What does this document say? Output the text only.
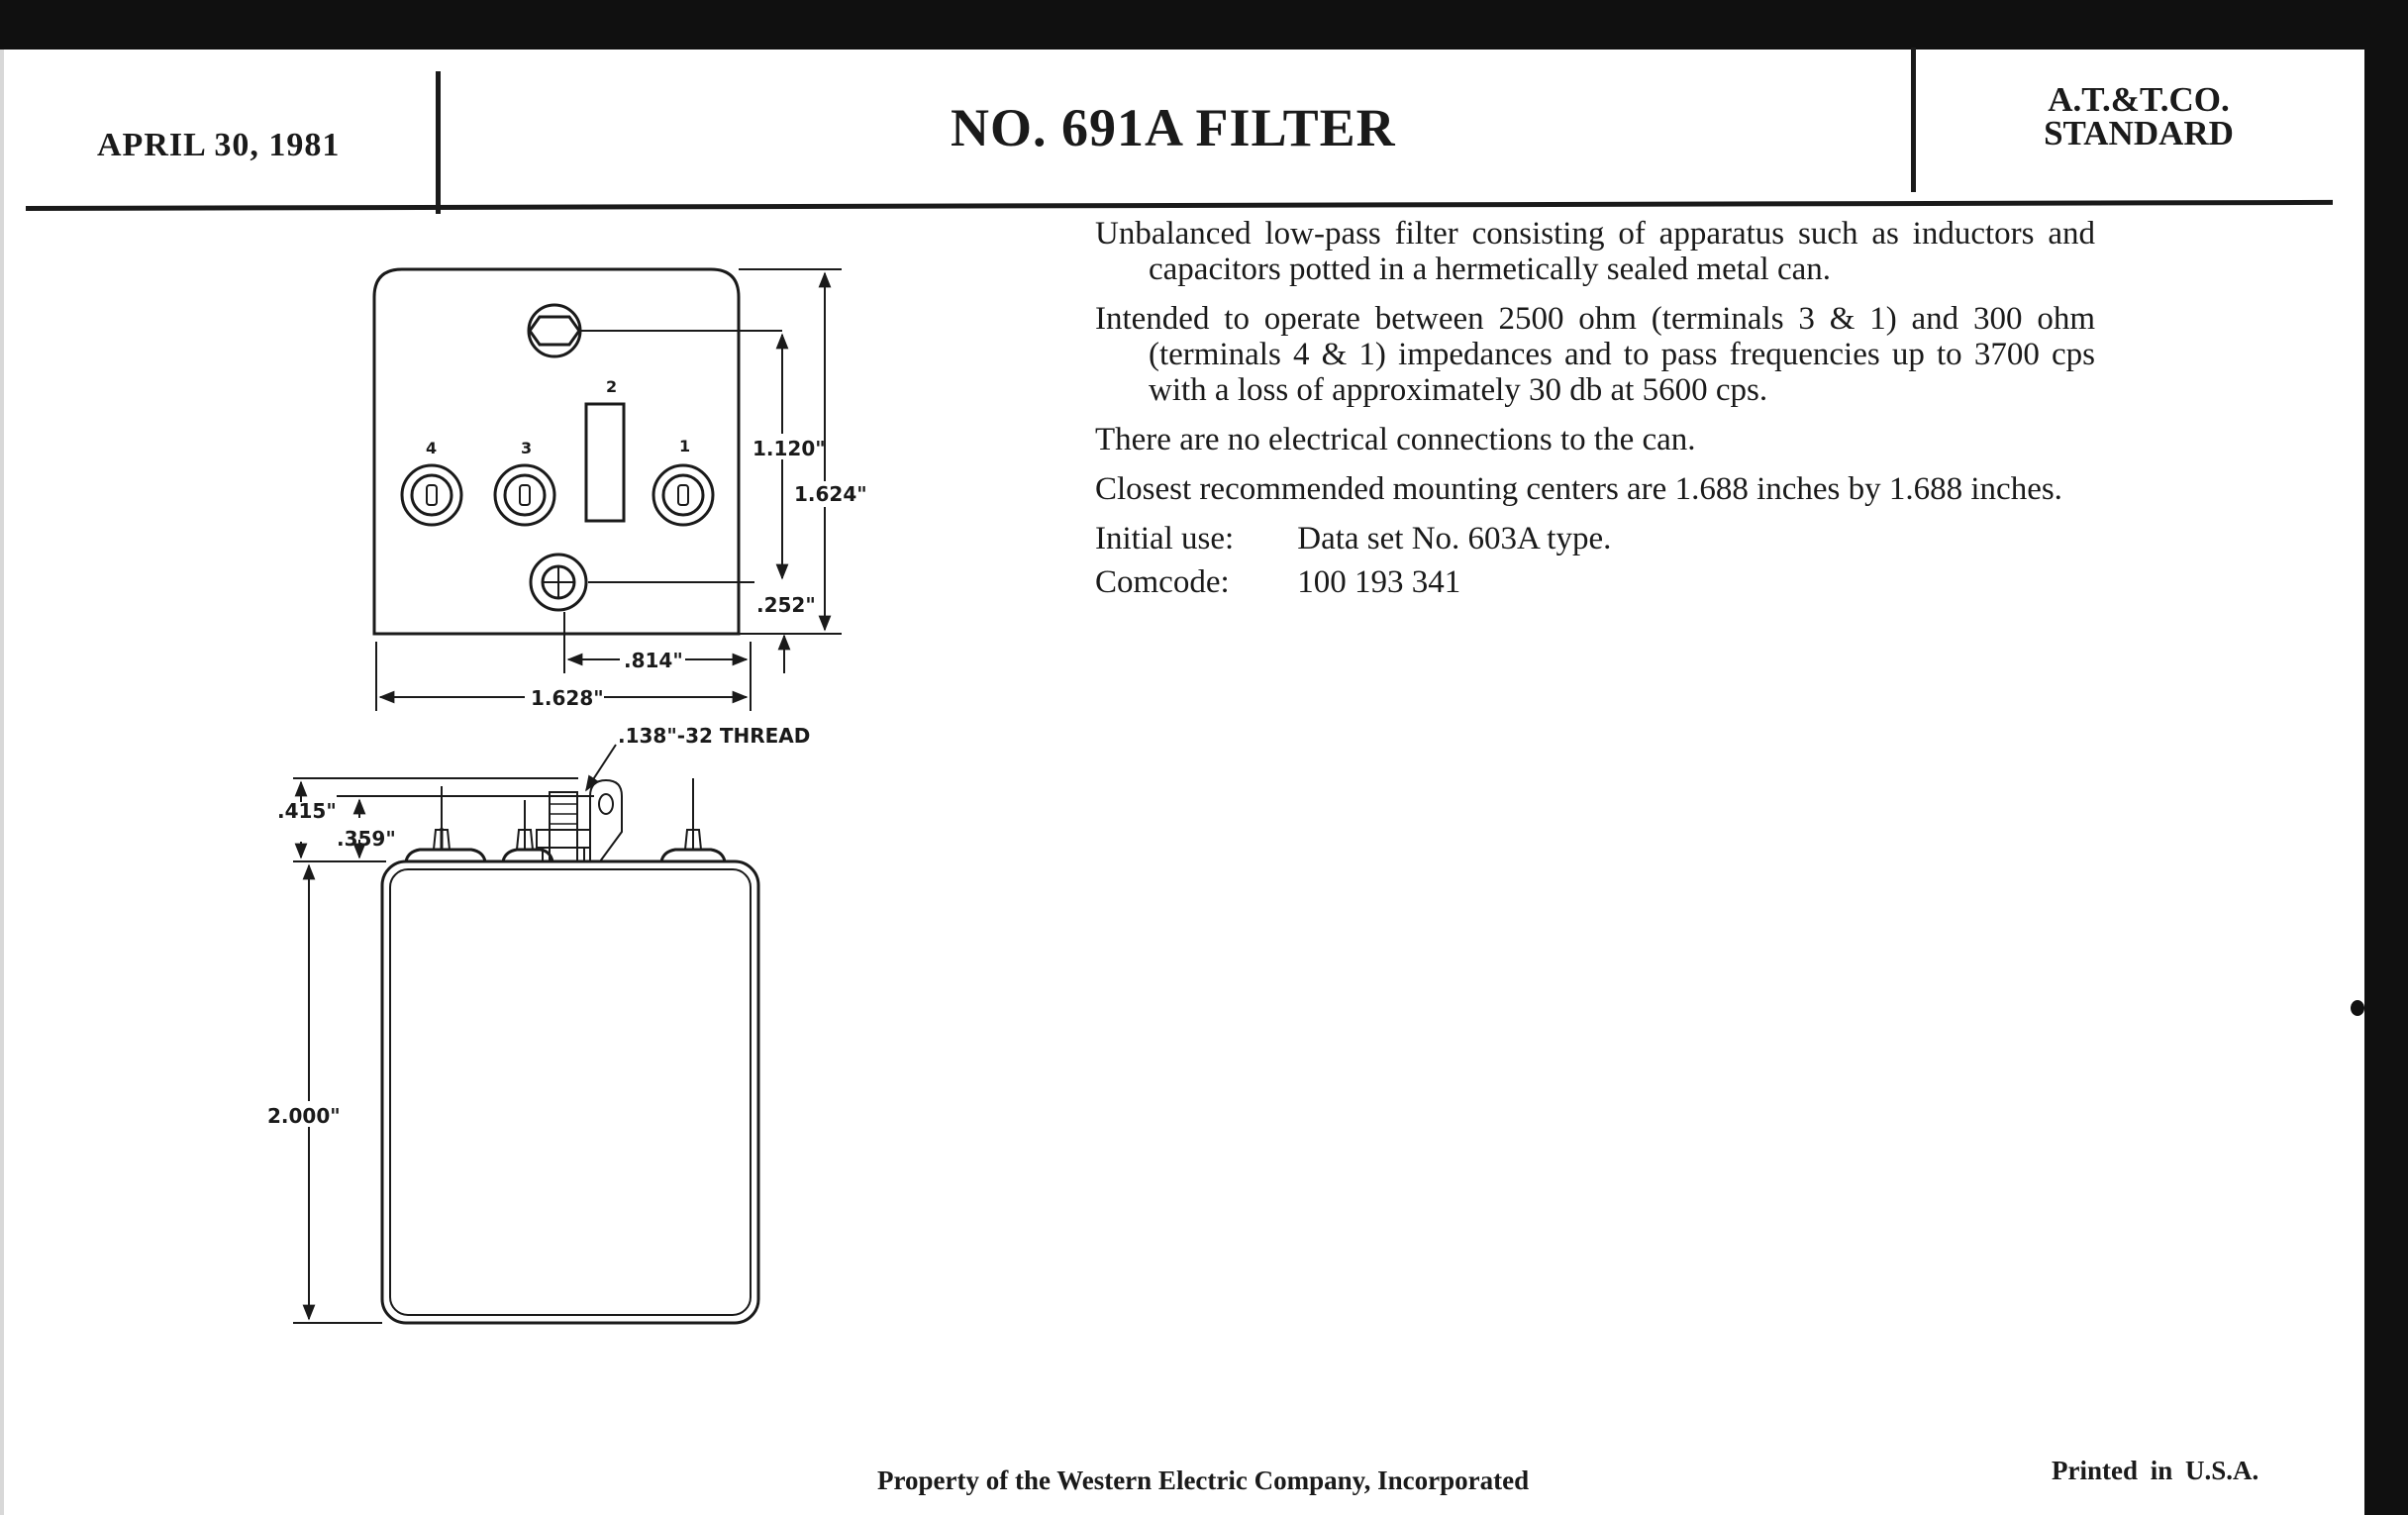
APRIL 30, 1981	NO. 691A FILTER	A.T.&T.CO.
STANDARD

Unbalanced low-pass filter consisting of apparatus such as inductors and capacitors potted in a hermetically sealed metal can.

Intended to operate between 2500 ohm (terminals 3 & 1) and 300 ohm (terminals 4 & 1) impedances and to pass frequencies up to 3700 cps with a loss of approximately 30 db at 5600 cps.

There are no electrical connections to the can.

Closest recommended mounting centers are 1.688 inches by 1.688 inches.

Initial use: Data set No. 603A type.
Comcode: 100 193 341
4	3
2
1	1.120"
1.624"
.252"
.814"
1.628"
.138"-32 THREAD
.415"
.359"
2.000"
Property of the Western Electric Company, Incorporated	Printed in U.S.A.
